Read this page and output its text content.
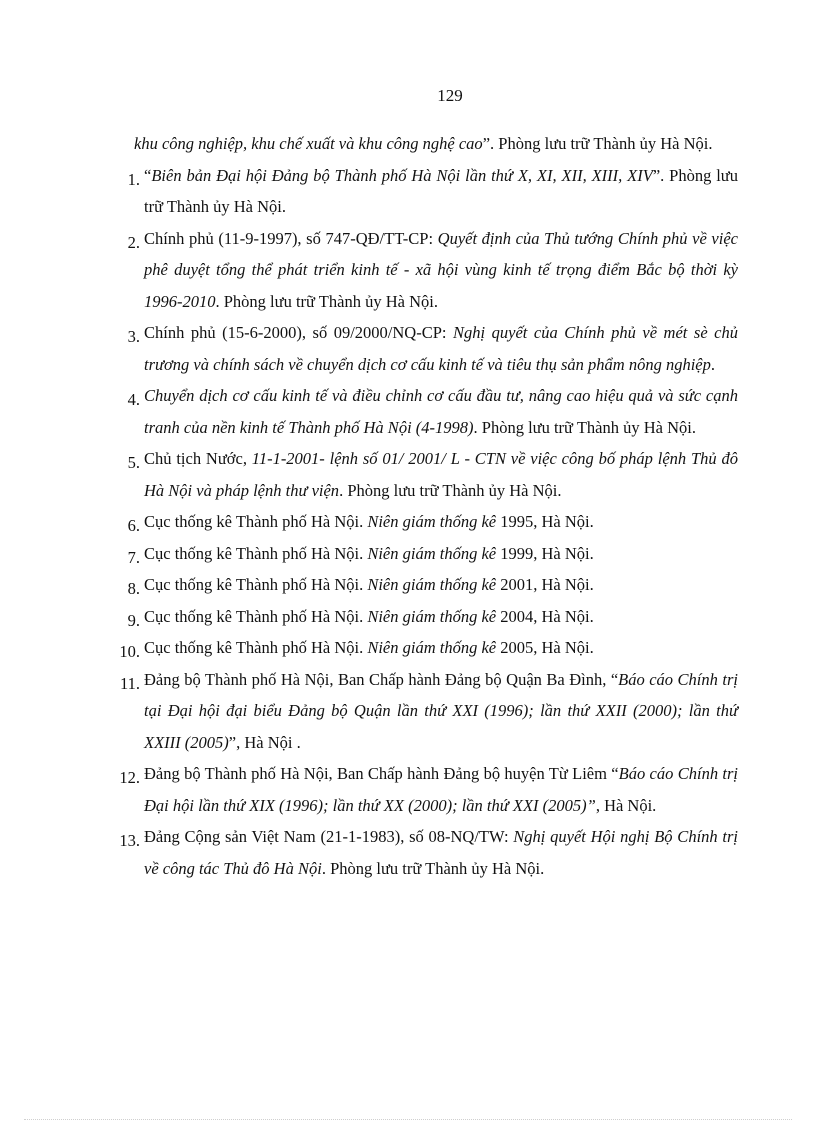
129

khu công nghiệp, khu chế xuất và khu công nghệ cao”. Phòng lưu trữ Thành ủy Hà Nội.

1. “Biên bản Đại hội Đảng bộ Thành phố Hà Nội lần thứ X, XI, XII, XIII, XIV”. Phòng lưu trữ Thành ủy Hà Nội.

2. Chính phủ (11-9-1997), số 747-QĐ/TT-CP: Quyết định của Thủ tướng Chính phủ về việc phê duyệt tổng thể phát triển kinh tế - xã hội vùng kinh tế trọng điểm Bắc bộ thời kỳ 1996-2010. Phòng lưu trữ Thành ủy Hà Nội.

3. Chính phủ (15-6-2000), số 09/2000/NQ-CP: Nghị quyết của Chính phủ về mét sè chủ trương và chính sách về chuyển dịch cơ cấu kinh tế và tiêu thụ sản phẩm nông nghiệp.

4. Chuyển dịch cơ cấu kinh tế và điều chỉnh cơ cấu đầu tư, nâng cao hiệu quả và sức cạnh tranh của nền kinh tế Thành phố Hà Nội (4-1998). Phòng lưu trữ Thành ủy Hà Nội.

5. Chủ tịch Nước, 11-1-2001- lệnh số 01/ 2001/ L - CTN về việc công bố pháp lệnh Thủ đô Hà Nội và pháp lệnh thư viện. Phòng lưu trữ Thành ủy Hà Nội.

6. Cục thống kê Thành phố Hà Nội. Niên giám thống kê 1995, Hà Nội.

7. Cục thống kê Thành phố Hà Nội. Niên giám thống kê 1999, Hà Nội.

8. Cục thống kê Thành phố Hà Nội. Niên giám thống kê 2001, Hà Nội.

9. Cục thống kê Thành phố Hà Nội. Niên giám thống kê 2004, Hà Nội.

10. Cục thống kê Thành phố Hà Nội. Niên giám thống kê 2005, Hà Nội.

11. Đảng bộ Thành phố Hà Nội, Ban Chấp hành Đảng bộ Quận Ba Đình, “Báo cáo Chính trị tại Đại hội đại biểu Đảng bộ Quận lần thứ XXI (1996); lần thứ XXII (2000); lần thứ XXIII (2005)”, Hà Nội .

12. Đảng bộ Thành phố Hà Nội, Ban Chấp hành Đảng bộ huyện Từ Liêm “Báo cáo Chính trị Đại hội lần thứ XIX (1996); lần thứ XX (2000); lần thứ XXI (2005)”, Hà Nội.

13. Đảng Cộng sản Việt Nam (21-1-1983), số 08-NQ/TW: Nghị quyết Hội nghị Bộ Chính trị về công tác Thủ đô Hà Nội. Phòng lưu trữ Thành ủy Hà Nội.
